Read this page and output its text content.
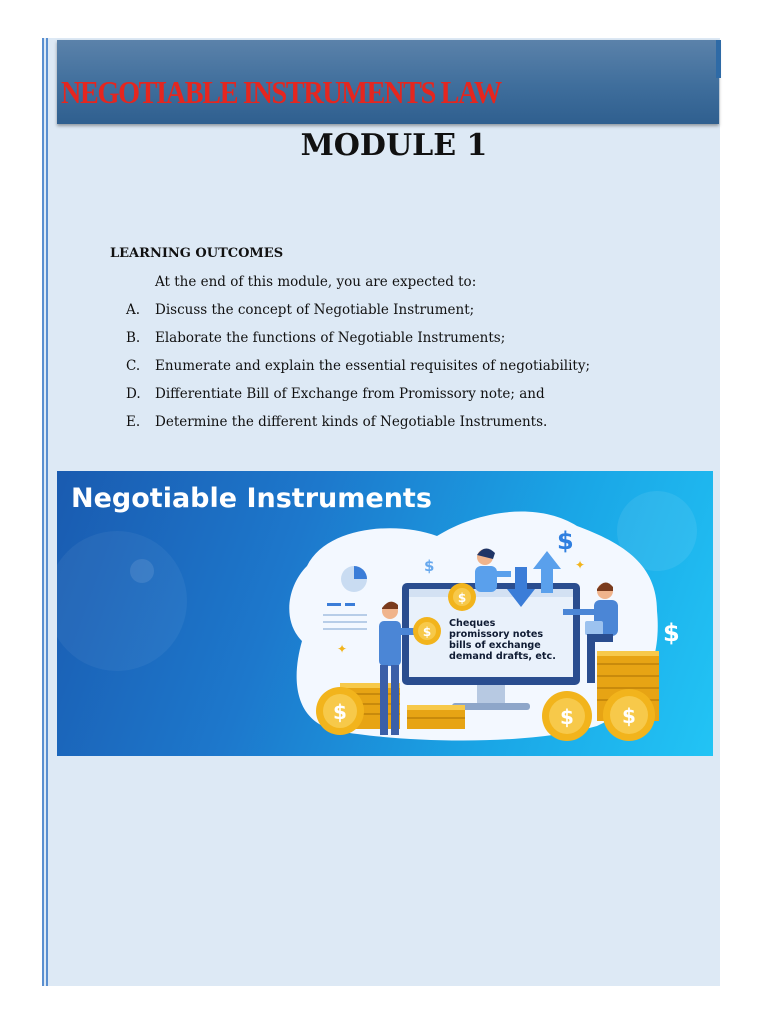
NEGOTIABLE INSTRUMENTS LAW
MODULE 1
LEARNING OUTCOMES
At the end of this module, you are expected to:
A. Discuss the concept of Negotiable Instrument;
B. Elaborate the functions of Negotiable Instruments;
C. Enumerate and explain the essential requisites of negotiability;
D. Differentiate Bill of Exchange from Promissory note; and
E. Determine the different kinds of Negotiable Instruments.
$
$
$
✦
✦
$	$ $
$
$
Negotiable Instruments
Cheques
promissory notes
bills of exchange
demand drafts, etc.
